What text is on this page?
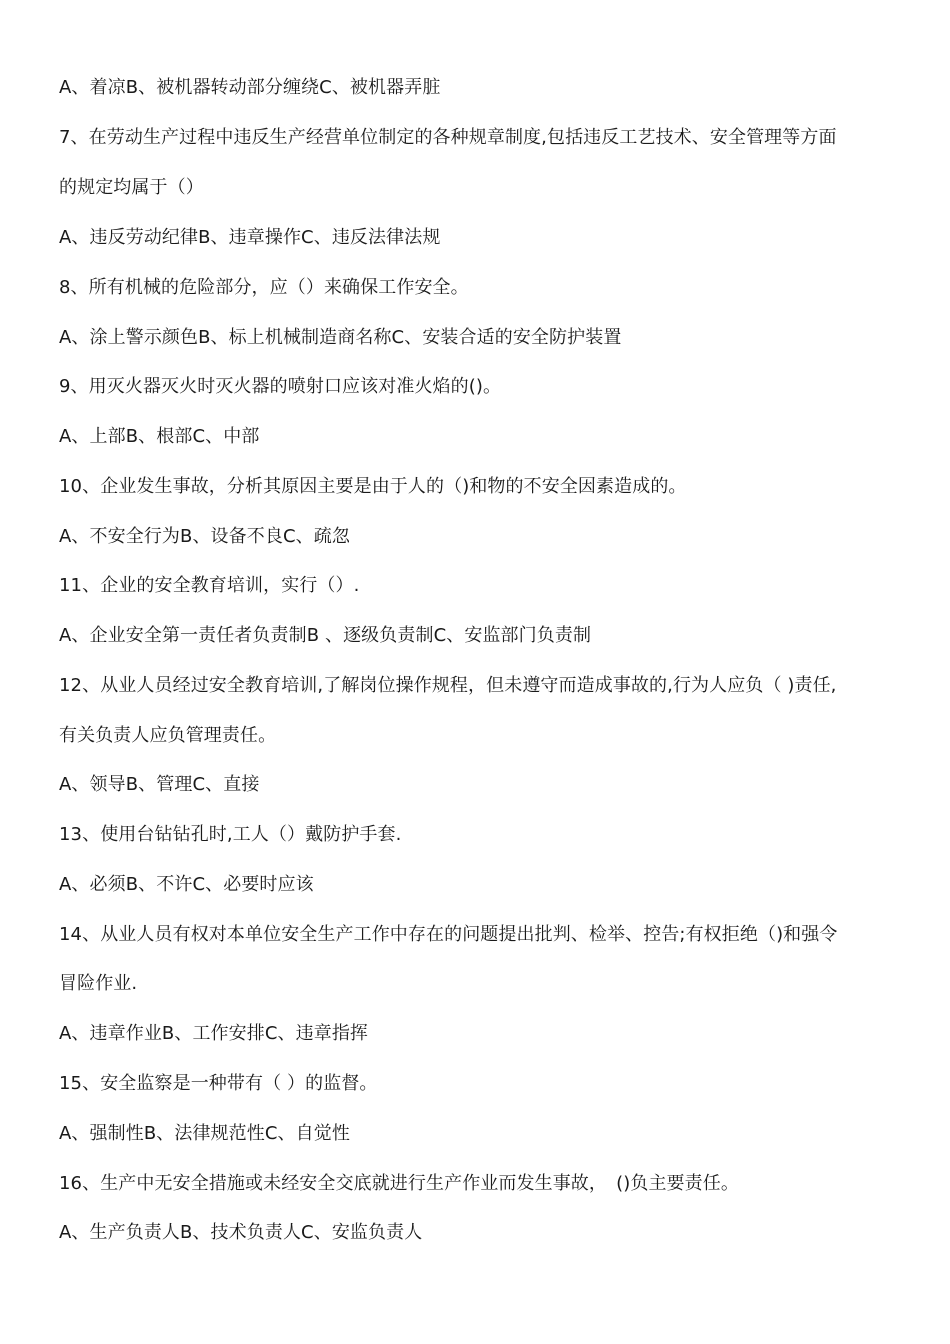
A、着凉B、被机器转动部分缠绕C、被机器弄脏
7、在劳动生产过程中违反生产经营单位制定的各种规章制度,包括违反工艺技术、安全管理等方面
的规定均属于（）
A、违反劳动纪律B、违章操作C、违反法律法规
8、所有机械的危险部分，应（）来确保工作安全。
A、涂上警示颜色B、标上机械制造商名称C、安装合适的安全防护装置
9、用灭火器灭火时灭火器的喷射口应该对准火焰的()。
A、上部B、根部C、中部
10、企业发生事故，分析其原因主要是由于人的（)和物的不安全因素造成的。
A、不安全行为B、设备不良C、疏忽
11、企业的安全教育培训，实行（）.
A、企业安全第一责任者负责制B 、逐级负责制C、安监部门负责制
12、从业人员经过安全教育培训,了解岗位操作规程，但未遵守而造成事故的,行为人应负（ )责任,
有关负责人应负管理责任。
A、领导B、管理C、直接
13、使用台钻钻孔时,工人（）戴防护手套.
A、必须B、不许C、必要时应该
14、从业人员有权对本单位安全生产工作中存在的问题提出批判、检举、控告;有权拒绝（)和强令
冒险作业.
A、违章作业B、工作安排C、违章指挥
15、安全监察是一种带有（ ）的监督。
A、强制性B、法律规范性C、自觉性
16、生产中无安全措施或未经安全交底就进行生产作业而发生事故，　()负主要责任。
A、生产负责人B、技术负责人C、安监负责人
